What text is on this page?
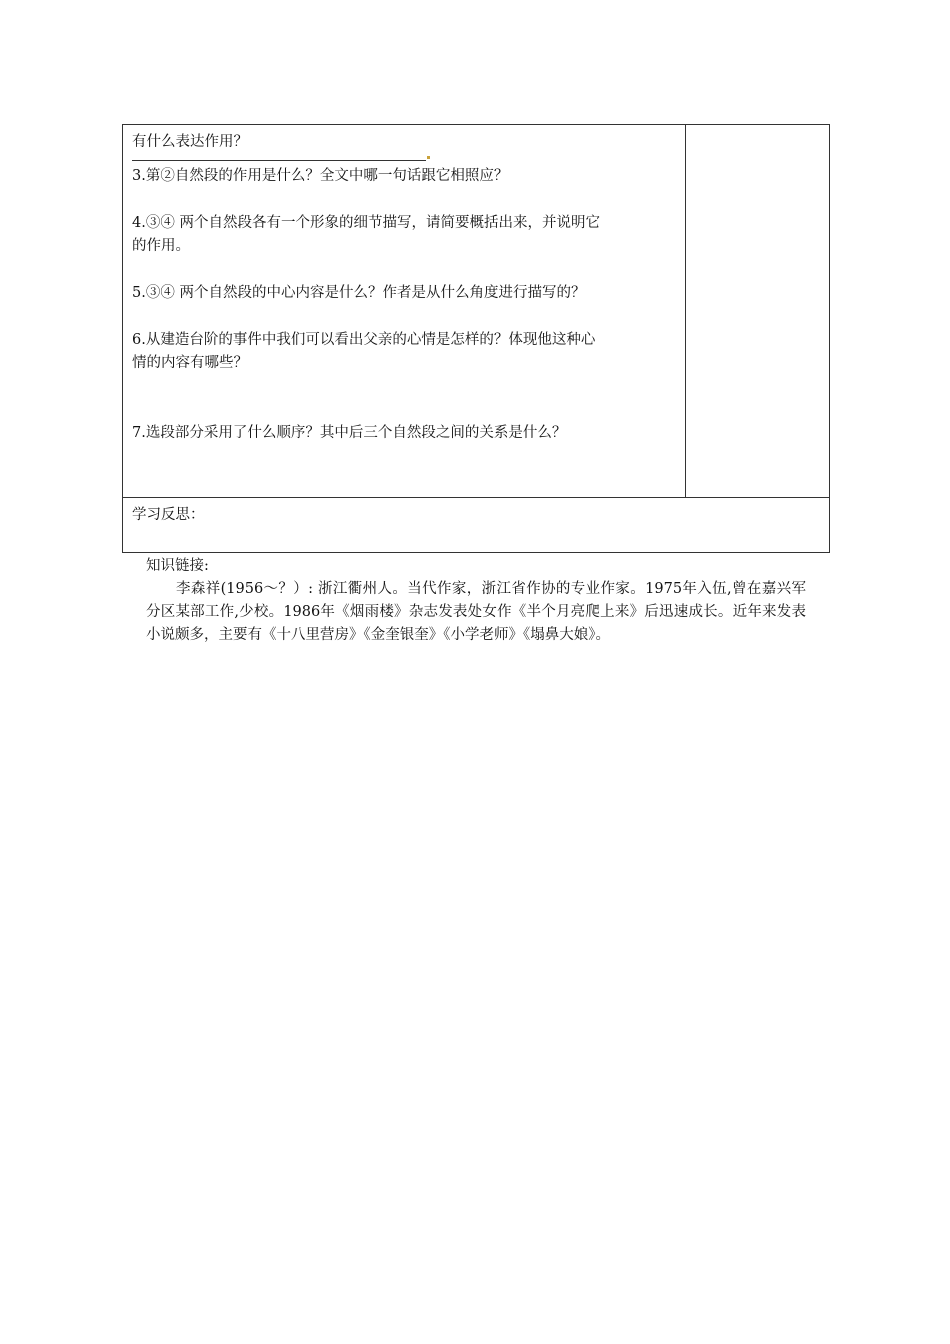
有什么表达作用？
3.第②自然段的作用是什么？全文中哪一句话跟它相照应？
4.③④ 两个自然段各有一个形象的细节描写，请简要概括出来，并说明它
的作用。
5.③④ 两个自然段的中心内容是什么？作者是从什么角度进行描写的？
6.从建造台阶的事件中我们可以看出父亲的心情是怎样的？体现他这种心
情的内容有哪些？
7.选段部分采用了什么顺序？其中后三个自然段之间的关系是什么？

学习反思：
知识链接:

李森祥(1956～？）: 浙江衢州人。当代作家，浙江省作协的专业作家。1975年入伍,曾在嘉兴军分区某部工作,少校。1986年《烟雨楼》杂志发表处女作《半个月亮爬上来》后迅速成长。近年来发表小说颇多，主要有《十八里营房》《金奎银奎》《小学老师》《塌鼻大娘》。
